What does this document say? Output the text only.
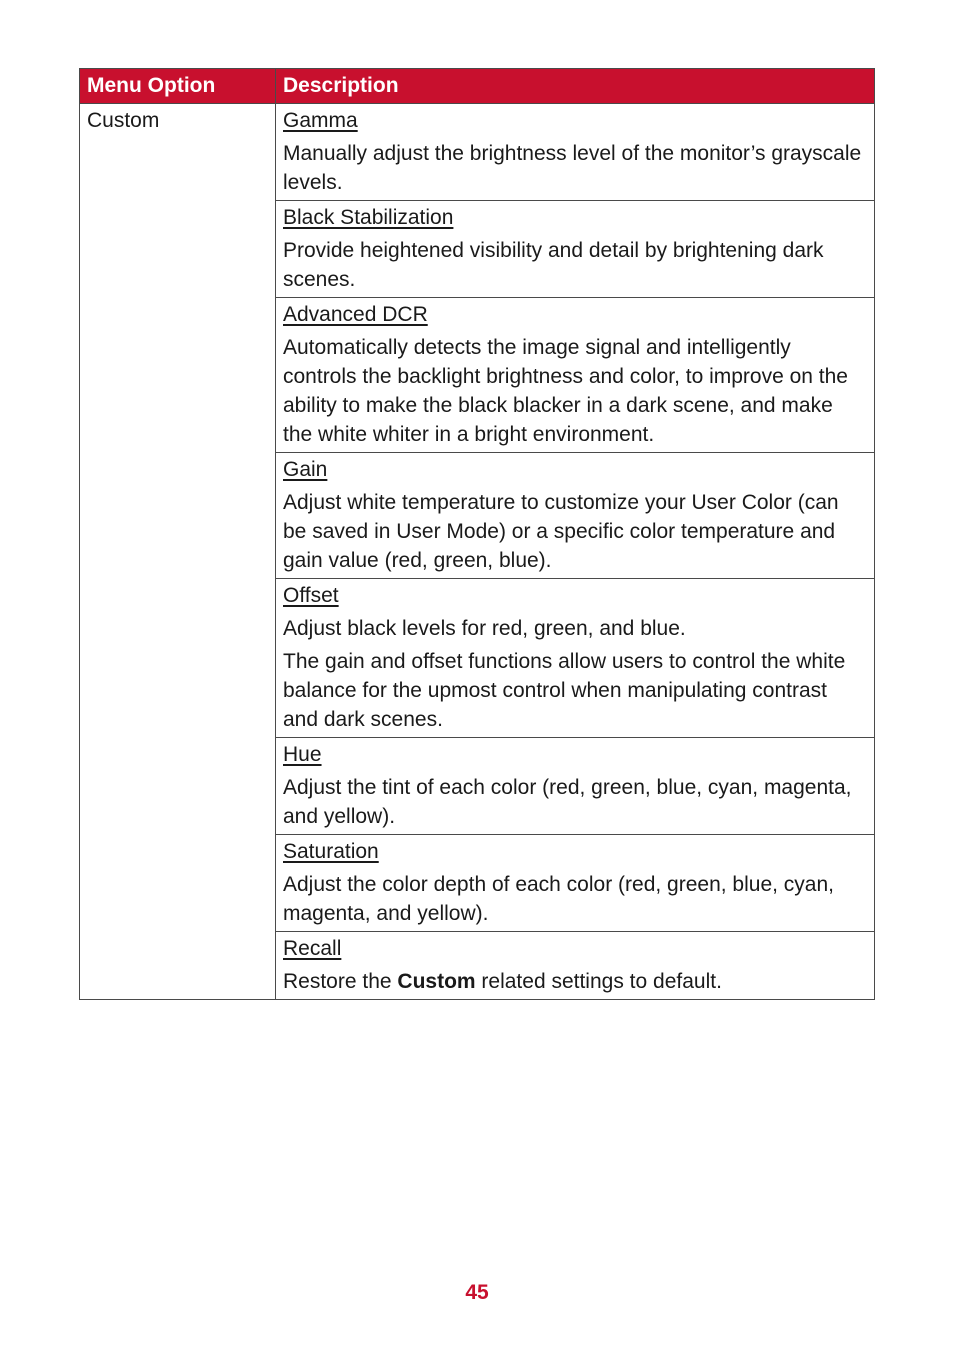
Menu Option	Description
Custom	Gamma

Manually adjust the brightness level of the monitor’s grayscale levels.

	Black Stabilization

Provide heightened visibility and detail by brightening dark scenes.

	Advanced DCR

Automatically detects the image signal and intelligently controls the backlight brightness and color, to improve on the ability to make the black blacker in a dark scene, and make the white whiter in a bright environment.

	Gain

Adjust white temperature to customize your User Color (can be saved in User Mode) or a specific color temperature and gain value (red, green, blue).

	Offset

Adjust black levels for red, green, and blue.

The gain and offset functions allow users to control the white balance for the upmost control when manipulating contrast and dark scenes.

	Hue

Adjust the tint of each color (red, green, blue, cyan, magenta, and yellow).

	Saturation

Adjust the color depth of each color (red, green, blue, cyan, magenta, and yellow).

	Recall

Restore the Custom related settings to default.

45
